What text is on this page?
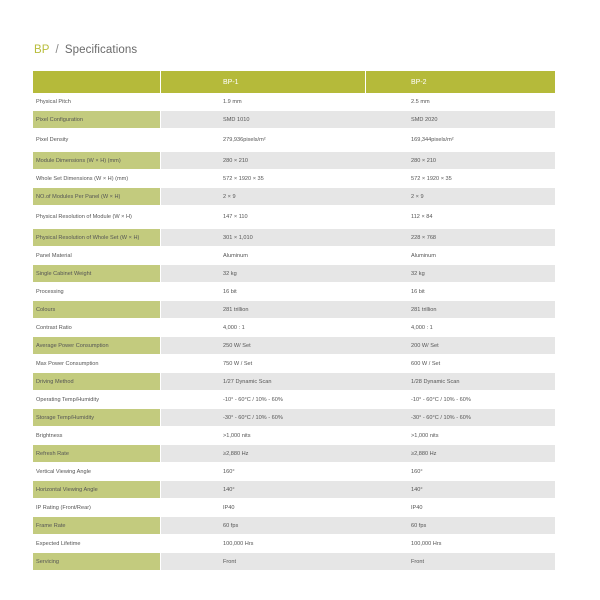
BP / Specifications
	BP-1	BP-2
Physical Pitch	1.9 mm	2.5 mm
Pixel Configuration	SMD 1010	SMD 2020
Pixel Density	279,936pixels/m²	169,344pixels/m²
Module Dimensions (W × H) (mm)	280 × 210	280 × 210
Whole Set Dimensions (W × H) (mm)	572 × 1920 × 35	572 × 1920 × 35
NO.of Modules Per Panel (W × H)	2 × 9	2 × 9
Physical Resolution of Module (W × H)	147 × 110	112 × 84
Physical Resolution of Whole Set (W × H)	301 × 1,010	228 × 768
Panel Material	Aluminum	Aluminum
Single Cabinet Weight	32 kg	32 kg
Processing	16 bit	16 bit
Colours	281 trillion	281 trillion
Contrast Ratio	4,000 : 1	4,000 : 1
Average Power Consumption	250 W/ Set	200 W/ Set
Max Power Consumption	750 W / Set	600 W / Set
Driving Method	1/27 Dynamic Scan	1/28 Dynamic Scan
Operating Temp/Humidity	-10° - 60°C / 10% - 60%	-10° - 60°C / 10% - 60%
Storage Temp/Humidity	-30° - 60°C / 10% - 60%	-30° - 60°C / 10% - 60%
Brightness	>1,000 nits	>1,000 nits
Refresh Rate	≥2,880 Hz	≥2,880 Hz
Vertical Viewing Angle	160°	160°
Horizontal Viewing Angle	140°	140°
IP Rating (Front/Rear)	IP40	IP40
Frame Rate	60 fps	60 fps
Expected Lifetime	100,000 Hrs	100,000 Hrs
Servicing	Front	Front
